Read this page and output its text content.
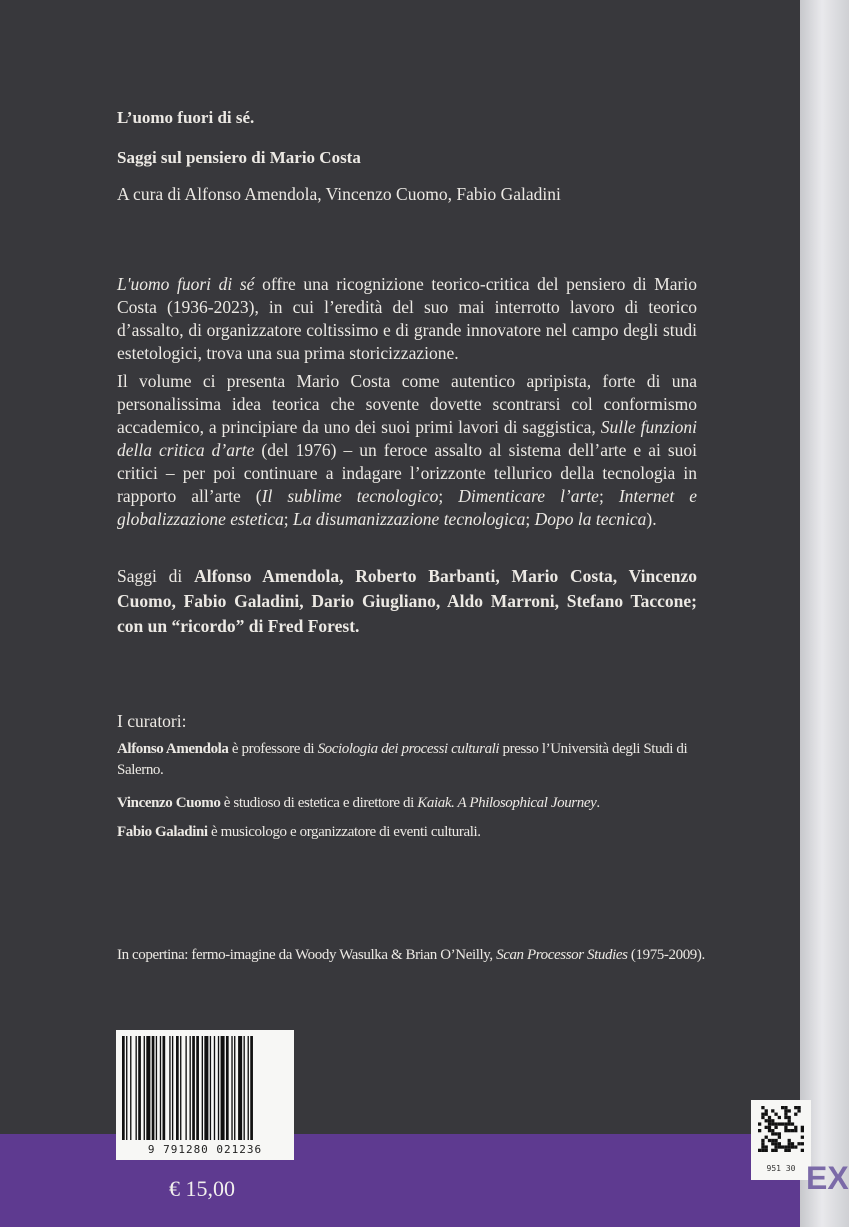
L’uomo fuori di sé.
Saggi sul pensiero di Mario Costa
A cura di Alfonso Amendola, Vincenzo Cuomo, Fabio Galadini
L'uomo fuori di sé offre una ricognizione teorico-critica del pensiero di Mario Costa (1936-2023), in cui l’eredità del suo mai interrotto lavoro di teorico d’assalto, di organizzatore coltissimo e di grande innovatore nel campo degli studi estetologici, trova una sua prima storicizzazione.
Il volume ci presenta Mario Costa come autentico apripista, forte di una personalissima idea teorica che sovente dovette scontrarsi col conformismo accademico, a principiare da uno dei suoi primi lavori di saggistica, Sulle funzioni della critica d’arte (del 1976) – un feroce assalto al sistema dell’arte e ai suoi critici – per poi continuare a indagare l’orizzonte tellurico della tecnologia in rapporto all’arte (Il sublime tecnologico; Dimenticare l’arte; Internet e globalizzazione estetica; La disumanizzazione tecnologica; Dopo la tecnica).
Saggi di Alfonso Amendola, Roberto Barbanti, Mario Costa, Vincenzo Cuomo, Fabio Galadini, Dario Giugliano, Aldo Marroni, Stefano Taccone; con un “ricordo” di Fred Forest.
I curatori:
Alfonso Amendola è professore di Sociologia dei processi culturali presso l’Università degli Studi di Salerno.
Vincenzo Cuomo è studioso di estetica e direttore di Kaiak. A Philosophical Journey.
Fabio Galadini è musicologo e organizzatore di eventi culturali.
In copertina: fermo-imagine da Woody Wasulka & Brian O’Neilly, Scan Processor Studies (1975-2009).
9 791280 021236
€ 15,00
951 30 EX
